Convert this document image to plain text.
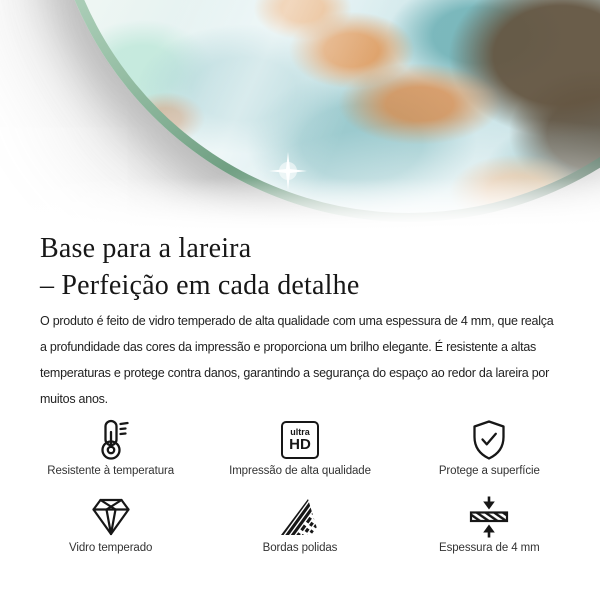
Base para a lareira
– Perfeição em cada detalhe
O produto é feito de vidro temperado de alta qualidade com uma espessura de 4 mm, que realça
a profundidade das cores da impressão e proporciona um brilho elegante. É resistente a altas
temperaturas e protege contra danos, garantindo a segurança do espaço ao redor da lareira por
muitos anos.
Resistente à temperatura
ultra
HD
Impressão de alta qualidade	Protege a superfície
Vidro temperado	Bordas polidas	Espessura de 4 mm
